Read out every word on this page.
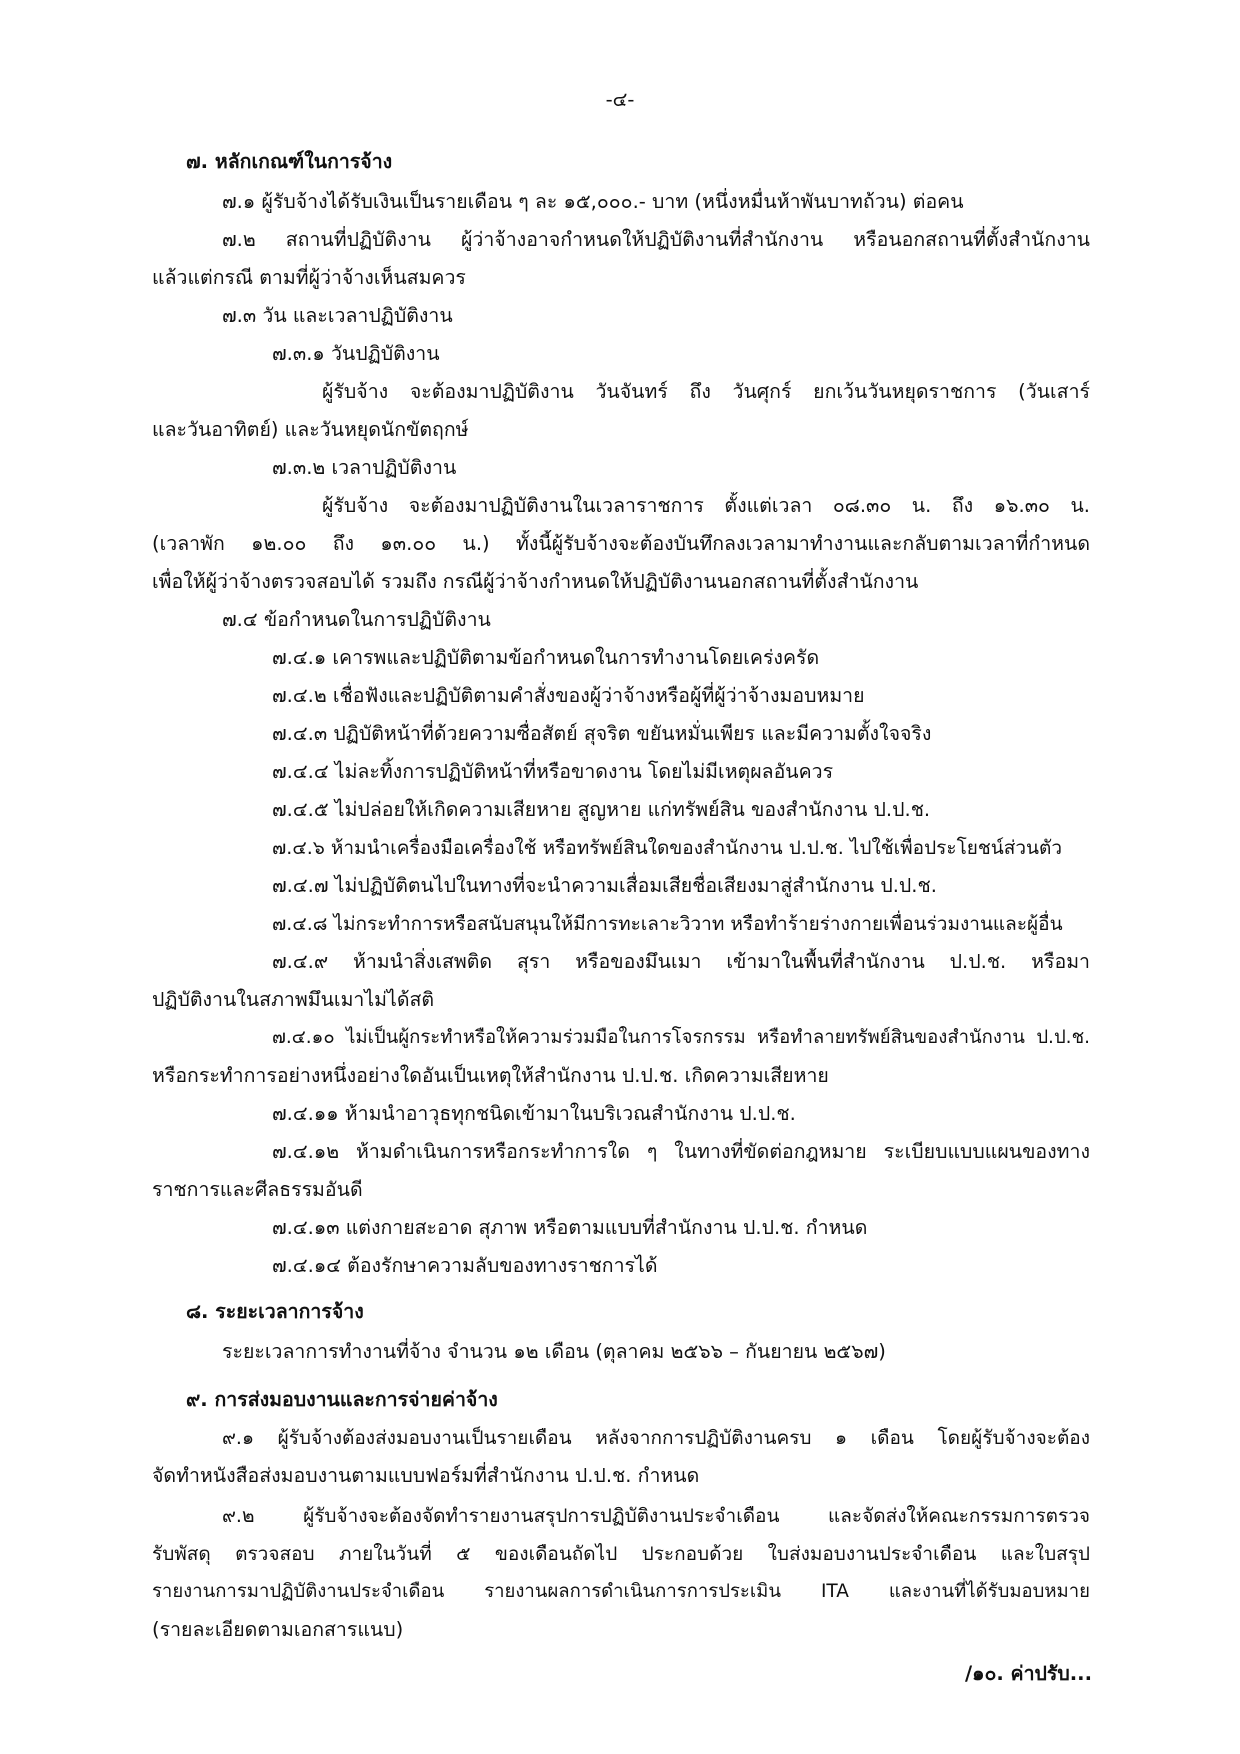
-๔-
๗. หลักเกณฑ์ในการจ้าง
๗.๑ ผู้รับจ้างได้รับเงินเป็นรายเดือน ๆ ละ ๑๕,๐๐๐.- บาท (หนึ่งหมื่นห้าพันบาทถ้วน) ต่อคน
๗.๒ สถานที่ปฏิบัติงาน ผู้ว่าจ้างอาจกำหนดให้ปฏิบัติงานที่สำนักงาน หรือนอกสถานที่ตั้งสำนักงาน
แล้วแต่กรณี ตามที่ผู้ว่าจ้างเห็นสมควร
๗.๓ วัน และเวลาปฏิบัติงาน
๗.๓.๑ วันปฏิบัติงาน
ผู้รับจ้าง จะต้องมาปฏิบัติงาน วันจันทร์ ถึง วันศุกร์ ยกเว้นวันหยุดราชการ (วันเสาร์
และวันอาทิตย์) และวันหยุดนักขัตฤกษ์
๗.๓.๒ เวลาปฏิบัติงาน
ผู้รับจ้าง จะต้องมาปฏิบัติงานในเวลาราชการ ตั้งแต่เวลา ๐๘.๓๐ น. ถึง ๑๖.๓๐ น.
(เวลาพัก ๑๒.๐๐ ถึง ๑๓.๐๐ น.) ทั้งนี้ผู้รับจ้างจะต้องบันทึกลงเวลามาทำงานและกลับตามเวลาที่กำหนด
เพื่อให้ผู้ว่าจ้างตรวจสอบได้ รวมถึง กรณีผู้ว่าจ้างกำหนดให้ปฏิบัติงานนอกสถานที่ตั้งสำนักงาน
๗.๔ ข้อกำหนดในการปฏิบัติงาน
๗.๔.๑ เคารพและปฏิบัติตามข้อกำหนดในการทำงานโดยเคร่งครัด
๗.๔.๒ เชื่อฟังและปฏิบัติตามคำสั่งของผู้ว่าจ้างหรือผู้ที่ผู้ว่าจ้างมอบหมาย
๗.๔.๓ ปฏิบัติหน้าที่ด้วยความซื่อสัตย์ สุจริต ขยันหมั่นเพียร และมีความตั้งใจจริง
๗.๔.๔ ไม่ละทิ้งการปฏิบัติหน้าที่หรือขาดงาน โดยไม่มีเหตุผลอันควร
๗.๔.๕ ไม่ปล่อยให้เกิดความเสียหาย สูญหาย แก่ทรัพย์สิน ของสำนักงาน ป.ป.ช.
๗.๔.๖ ห้ามนำเครื่องมือเครื่องใช้ หรือทรัพย์สินใดของสำนักงาน ป.ป.ช. ไปใช้เพื่อประโยชน์ส่วนตัว
๗.๔.๗ ไม่ปฏิบัติตนไปในทางที่จะนำความเสื่อมเสียชื่อเสียงมาสู่สำนักงาน ป.ป.ช.
๗.๔.๘ ไม่กระทำการหรือสนับสนุนให้มีการทะเลาะวิวาท หรือทำร้ายร่างกายเพื่อนร่วมงานและผู้อื่น
๗.๔.๙ ห้ามนำสิ่งเสพติด สุรา หรือของมึนเมา เข้ามาในพื้นที่สำนักงาน ป.ป.ช. หรือมา
ปฏิบัติงานในสภาพมึนเมาไม่ได้สติ
๗.๔.๑๐ ไม่เป็นผู้กระทำหรือให้ความร่วมมือในการโจรกรรม หรือทำลายทรัพย์สินของสำนักงาน ป.ป.ช.
หรือกระทำการอย่างหนึ่งอย่างใดอันเป็นเหตุให้สำนักงาน ป.ป.ช. เกิดความเสียหาย
๗.๔.๑๑ ห้ามนำอาวุธทุกชนิดเข้ามาในบริเวณสำนักงาน ป.ป.ช.
๗.๔.๑๒ ห้ามดำเนินการหรือกระทำการใด ๆ ในทางที่ขัดต่อกฎหมาย ระเบียบแบบแผนของทาง
ราชการและศีลธรรมอันดี
๗.๔.๑๓ แต่งกายสะอาด สุภาพ หรือตามแบบที่สำนักงาน ป.ป.ช. กำหนด
๗.๔.๑๔ ต้องรักษาความลับของทางราชการได้
๘. ระยะเวลาการจ้าง
ระยะเวลาการทำงานที่จ้าง จำนวน ๑๒ เดือน (ตุลาคม ๒๕๖๖ – กันยายน ๒๕๖๗)
๙. การส่งมอบงานและการจ่ายค่าจ้าง
๙.๑ ผู้รับจ้างต้องส่งมอบงานเป็นรายเดือน หลังจากการปฏิบัติงานครบ ๑ เดือน โดยผู้รับจ้างจะต้อง
จัดทำหนังสือส่งมอบงานตามแบบฟอร์มที่สำนักงาน ป.ป.ช. กำหนด
๙.๒ ผู้รับจ้างจะต้องจัดทำรายงานสรุปการปฏิบัติงานประจำเดือน และจัดส่งให้คณะกรรมการตรวจ
รับพัสดุ ตรวจสอบ ภายในวันที่ ๕ ของเดือนถัดไป ประกอบด้วย ใบส่งมอบงานประจำเดือน และใบสรุป
รายงานการมาปฏิบัติงานประจำเดือน รายงานผลการดำเนินการการประเมิน ITA และงานที่ได้รับมอบหมาย
(รายละเอียดตามเอกสารแนบ)
/๑๐. ค่าปรับ...
